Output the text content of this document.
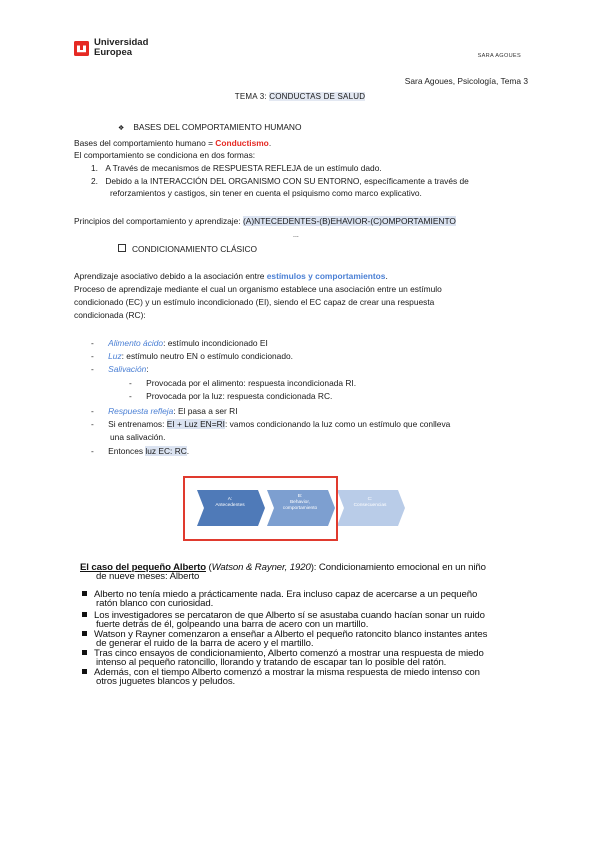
Universidad
Europea	SARA AGOUES
Sara Agoues, Psicología, Tema 3
TEMA 3: CONDUCTAS DE SALUD
❖ BASES DEL COMPORTAMIENTO HUMANO
Bases del comportamiento humano = Conductismo.
El comportamiento se condiciona en dos formas:
1. A Través de mecanismos de RESPUESTA REFLEJA de un estímulo dado.
2. Debido a la INTERACCIÓN DEL ORGANISMO CON SU ENTORNO, específicamente a través de
reforzamientos y castigos, sin tener en cuenta el psiquismo como marco explicativo.
Principios del comportamiento y aprendizaje: (A)NTECEDENTES-(B)EHAVIOR-(C)OMPORTAMIENTO
...
CONDICIONAMIENTO CLÁSICO
Aprendizaje asociativo debido a la asociación entre estímulos y comportamientos.
Proceso de aprendizaje mediante el cual un organismo establece una asociación entre un estímulo
condicionado (EC) y un estímulo incondicionado (EI), siendo el EC capaz de crear una respuesta
condicionada (RC):
- Alimento ácido: estímulo incondicionado EI
- Luz: estímulo neutro EN o estímulo condicionado.
- Salivación:
- Provocada por el alimento: respuesta incondicionada RI.
- Provocada por la luz: respuesta condicionada RC.
- Respuesta refleja: El pasa a ser RI
- Si entrenamos: EI + Luz EN=RI: vamos condicionando la luz como un estímulo que conlleva
una salivación.
- Entonces luz EC: RC.
A:
Antecedentes
B:
Behavior,
comportamiento
C:
Consecuencias
El caso del pequeño Alberto (Watson & Rayner, 1920): Condicionamiento emocional en un niño
de nueve meses: Alberto
Alberto no tenía miedo a prácticamente nada. Era incluso capaz de acercarse a un pequeño
ratón blanco con curiosidad.
Los investigadores se percataron de que Alberto sí se asustaba cuando hacían sonar un ruido
fuerte detrás de él, golpeando una barra de acero con un martillo.
Watson y Rayner comenzaron a enseñar a Alberto el pequeño ratoncito blanco instantes antes
de generar el ruido de la barra de acero y el martillo.
Tras cinco ensayos de condicionamiento, Alberto comenzó a mostrar una respuesta de miedo
intenso al pequeño ratoncillo, llorando y tratando de escapar tan lo posible del ratón.
Además, con el tiempo Alberto comenzó a mostrar la misma respuesta de miedo intenso con
otros juguetes blancos y peludos.
